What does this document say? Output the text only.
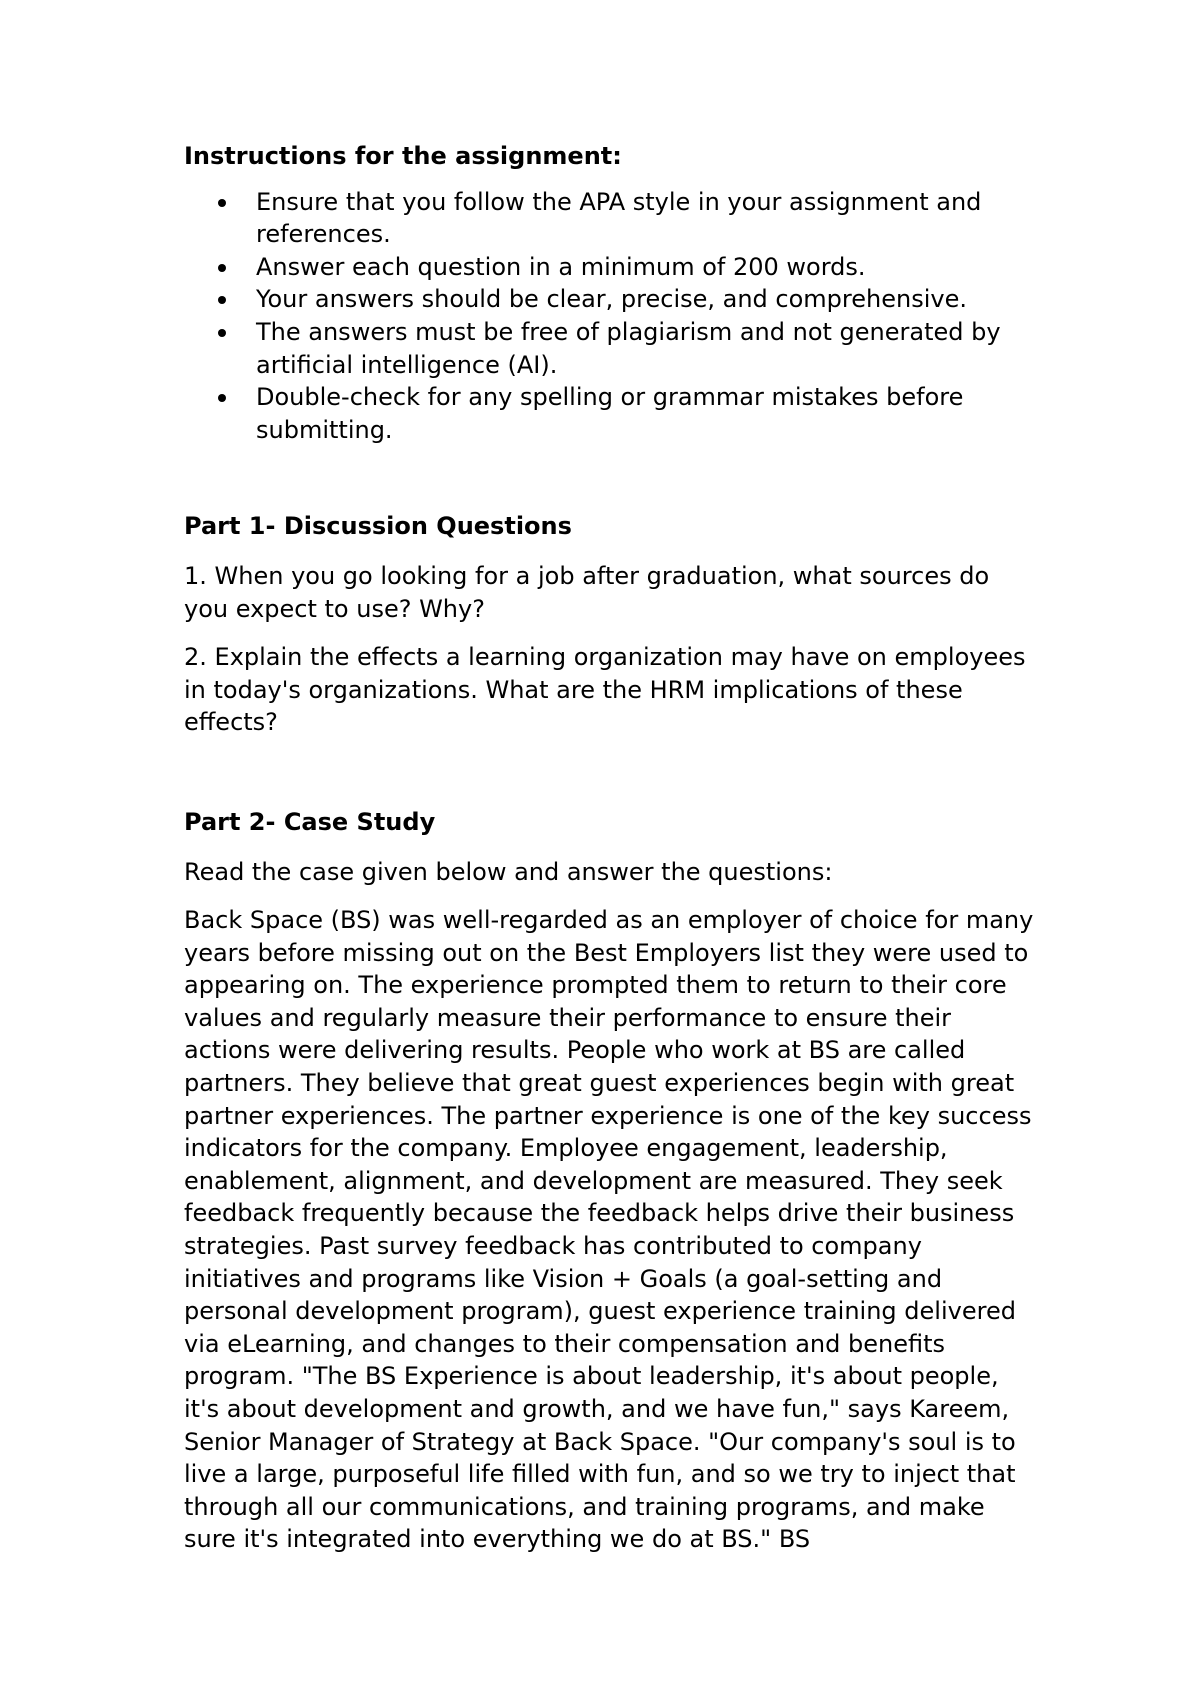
Instructions for the assignment:

Ensure that you follow the APA style in your assignment and references.
Answer each question in a minimum of 200 words.
Your answers should be clear, precise, and comprehensive.
The answers must be free of plagiarism and not generated by artificial intelligence (AI).
Double-check for any spelling or grammar mistakes before submitting.

Part 1- Discussion Questions

1. When you go looking for a job after graduation, what sources do you expect to use? Why?

2. Explain the effects a learning organization may have on employees in today's organizations. What are the HRM implications of these effects?

Part 2- Case Study

Read the case given below and answer the questions:

Back Space (BS) was well-regarded as an employer of choice for many years before missing out on the Best Employers list they were used to appearing on. The experience prompted them to return to their core values and regularly measure their performance to ensure their actions were delivering results. People who work at BS are called partners. They believe that great guest experiences begin with great partner experiences. The partner experience is one of the key success indicators for the company. Employee engagement, leadership, enablement, alignment, and development are measured. They seek feedback frequently because the feedback helps drive their business strategies. Past survey feedback has contributed to company initiatives and programs like Vision + Goals (a goal-setting and personal development program), guest experience training delivered via eLearning, and changes to their compensation and benefits program. "The BS Experience is about leadership, it's about people, it's about development and growth, and we have fun," says Kareem, Senior Manager of Strategy at Back Space. "Our company's soul is to live a large, purposeful life filled with fun, and so we try to inject that through all our communications, and training programs, and make sure it's integrated into everything we do at BS." BS
